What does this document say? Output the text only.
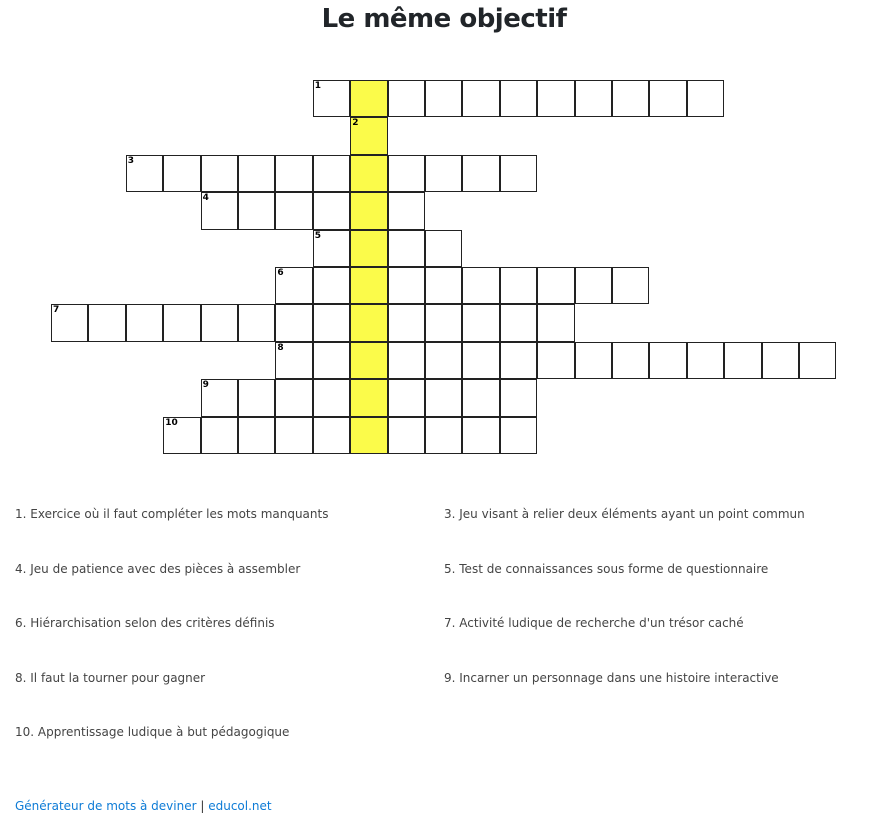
Le même objectif
1
2
3
4
5
6
7
8
9
10
1. Exercice où il faut compléter les mots manquants	3. Jeu visant à relier deux éléments ayant un point commun
4. Jeu de patience avec des pièces à assembler	5. Test de connaissances sous forme de questionnaire
6. Hiérarchisation selon des critères définis	7. Activité ludique de recherche d'un trésor caché
8. Il faut la tourner pour gagner	9. Incarner un personnage dans une histoire interactive
10. Apprentissage ludique à but pédagogique
Générateur de mots à deviner | educol.net
